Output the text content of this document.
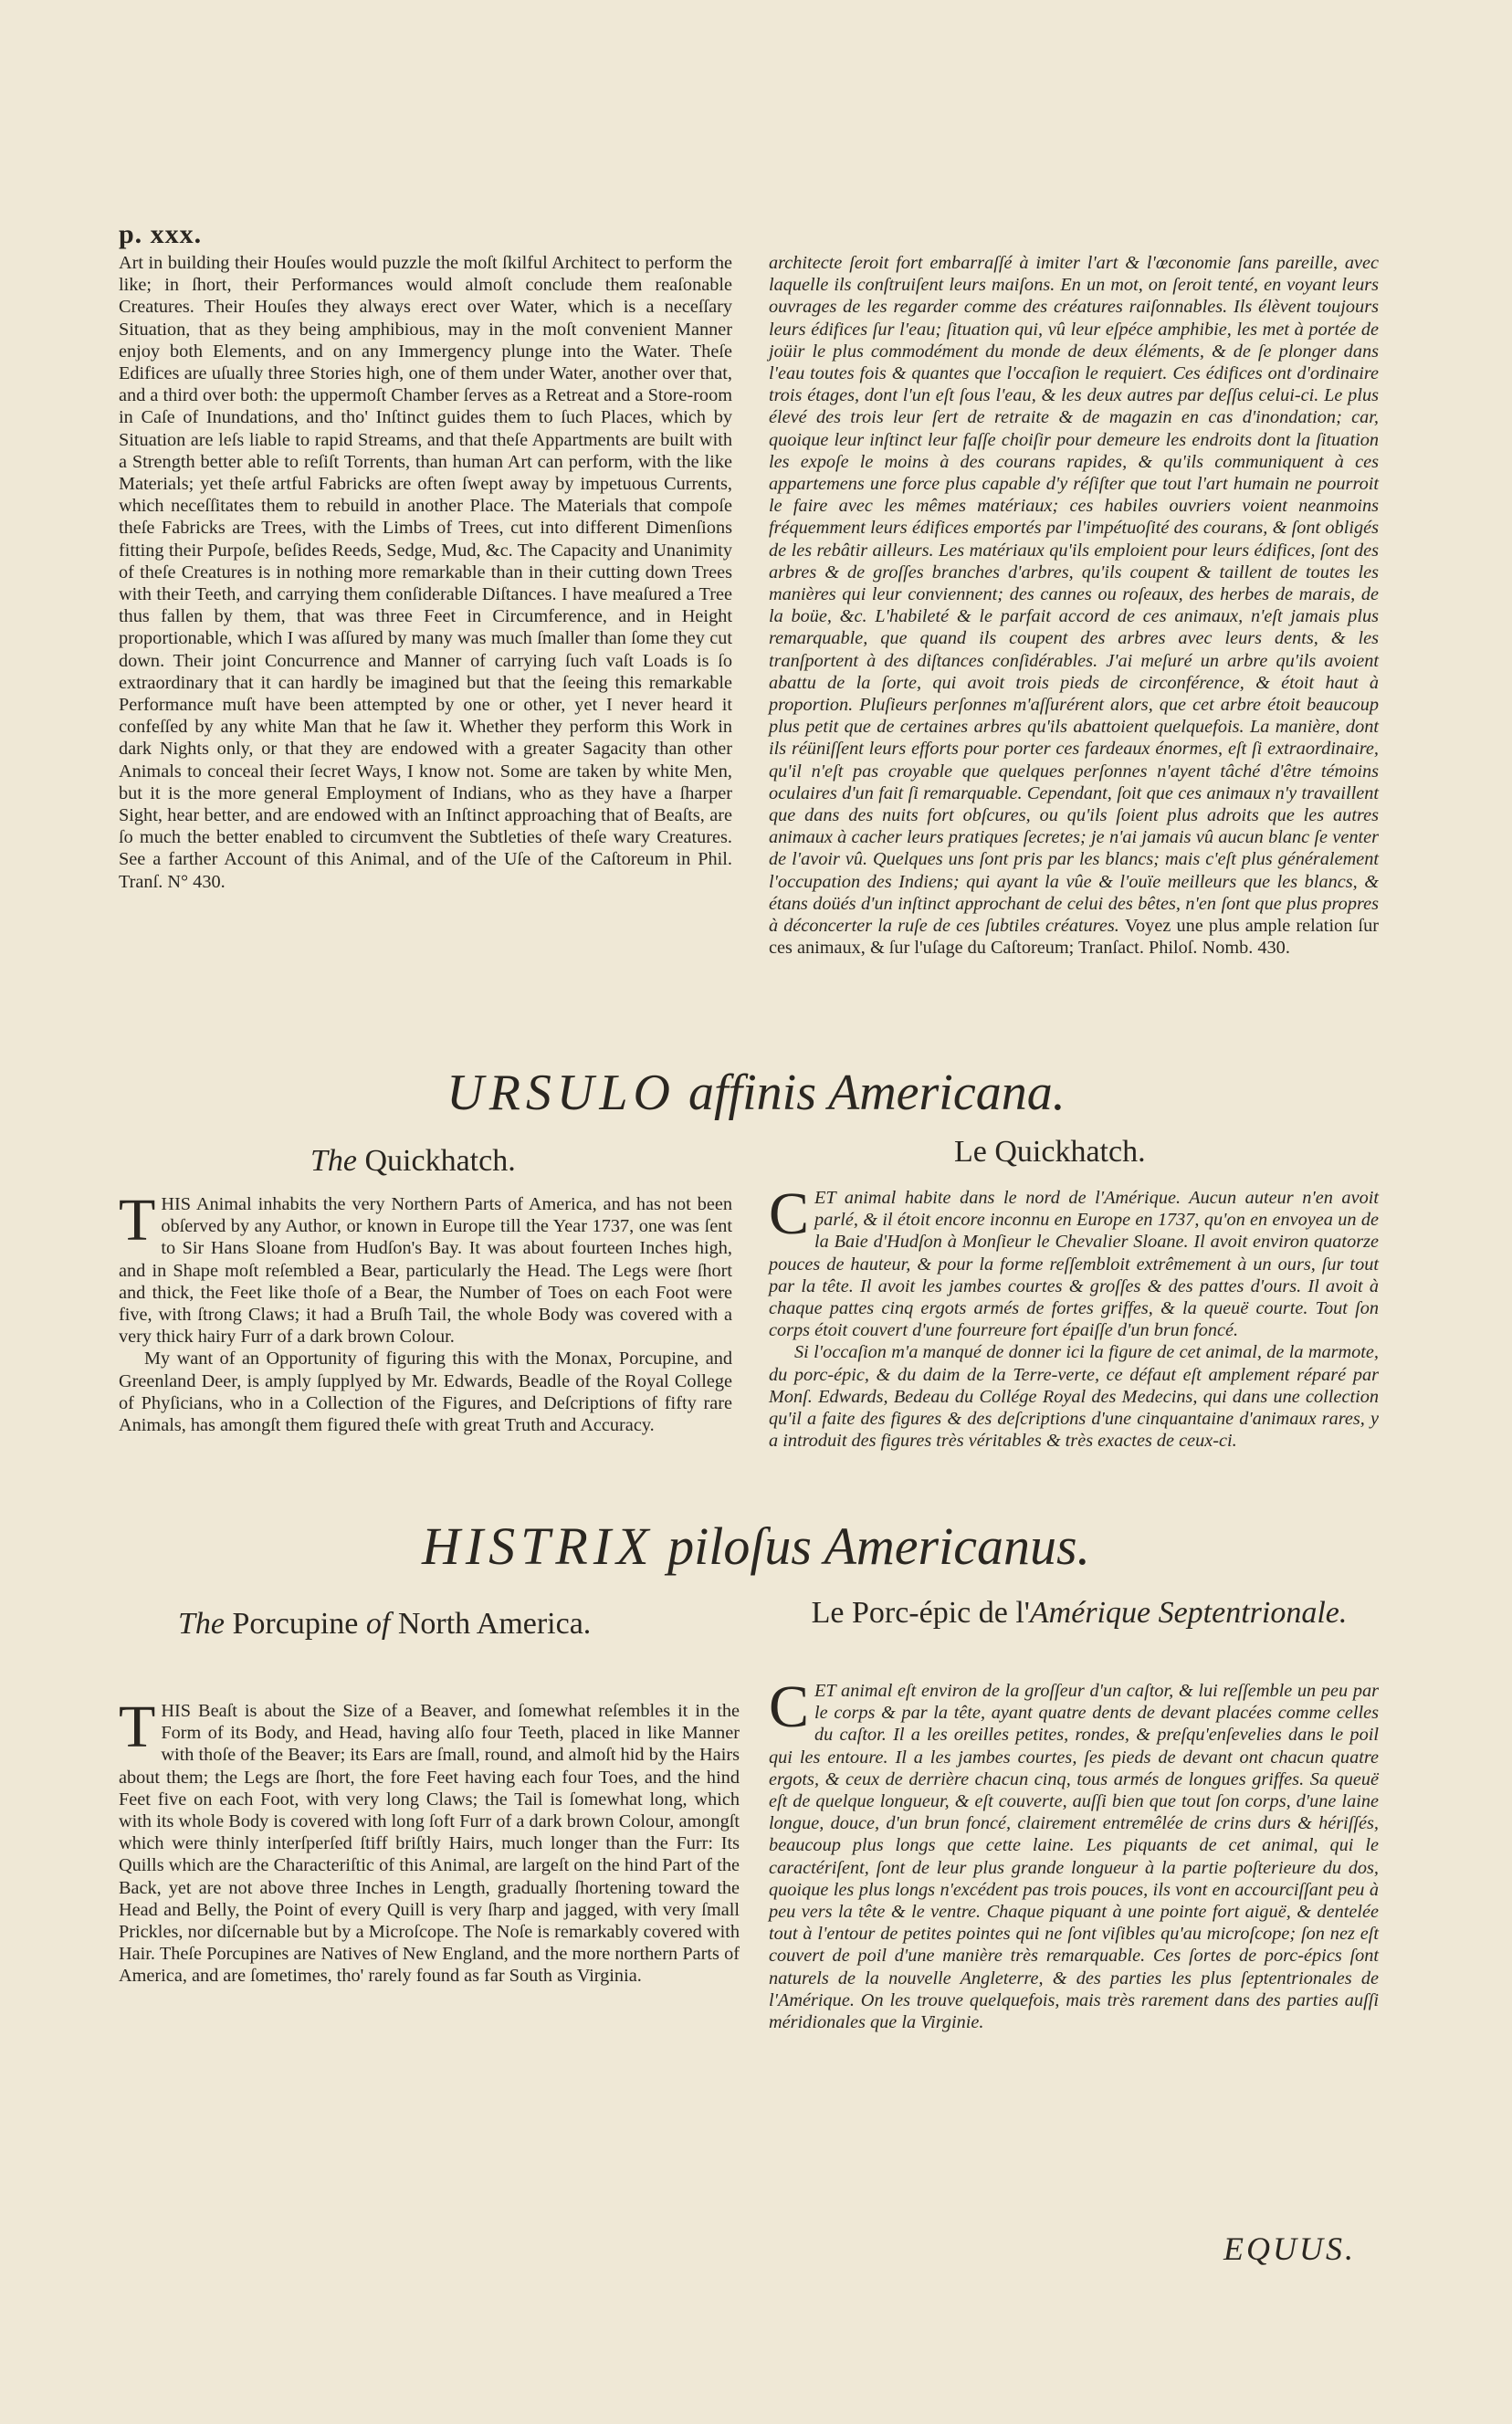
p. xxx.

Art in building their Houſes would puzzle the moſt ſkilful Architect to perform the like; in ſhort, their Performances would almoſt conclude them reaſonable Creatures. Their Houſes they always erect over Water, which is a neceſſary Situation, that as they being amphibious, may in the moſt convenient Manner enjoy both Elements, and on any Immergency plunge into the Water. Theſe Edifices are uſually three Stories high, one of them under Water, another over that, and a third over both: the uppermoſt Chamber ſerves as a Retreat and a Store-room in Caſe of Inundations, and tho' Inſtinct guides them to ſuch Places, which by Situation are leſs liable to rapid Streams, and that theſe Appartments are built with a Strength better able to reſiſt Torrents, than human Art can perform, with the like Materials; yet theſe artful Fabricks are often ſwept away by impetuous Currents, which neceſſitates them to rebuild in another Place. The Materials that compoſe theſe Fabricks are Trees, with the Limbs of Trees, cut into different Dimenſions fitting their Purpoſe, beſides Reeds, Sedge, Mud, &c. The Capacity and Unanimity of theſe Creatures is in nothing more remarkable than in their cutting down Trees with their Teeth, and carrying them conſiderable Diſtances. I have meaſured a Tree thus fallen by them, that was three Feet in Circumference, and in Height proportionable, which I was aſſured by many was much ſmaller than ſome they cut down. Their joint Concurrence and Manner of carrying ſuch vaſt Loads is ſo extraordinary that it can hardly be imagined but that the ſeeing this remarkable Performance muſt have been attempted by one or other, yet I never heard it confeſſed by any white Man that he ſaw it. Whether they perform this Work in dark Nights only, or that they are endowed with a greater Sagacity than other Animals to conceal their ſecret Ways, I know not. Some are taken by white Men, but it is the more general Employment of Indians, who as they have a ſharper Sight, hear better, and are endowed with an Inſtinct approaching that of Beaſts, are ſo much the better enabled to circumvent the Subtleties of theſe wary Creatures. See a farther Account of this Animal, and of the Uſe of the Caſtoreum in Phil. Tranſ. N° 430.

architecte ſeroit fort embarraſſé à imiter l'art & l'œconomie ſans pareille, avec laquelle ils conſtruiſent leurs maiſons. En un mot, on ſeroit tenté, en voyant leurs ouvrages de les regarder comme des créatures raiſonnables. Ils élèvent toujours leurs édifices ſur l'eau; ſituation qui, vû leur eſpéce amphibie, les met à portée de joüir le plus commodément du monde de deux éléments, & de ſe plonger dans l'eau toutes fois & quantes que l'occaſion le requiert. Ces édifices ont d'ordinaire trois étages, dont l'un eſt ſous l'eau, & les deux autres par deſſus celui-ci. Le plus élevé des trois leur ſert de retraite & de magazin en cas d'inondation; car, quoique leur inſtinct leur faſſe choiſir pour demeure les endroits dont la ſituation les expoſe le moins à des courans rapides, & qu'ils communiquent à ces appartemens une force plus capable d'y réſiſter que tout l'art humain ne pourroit le faire avec les mêmes matériaux; ces habiles ouvriers voient neanmoins fréquemment leurs édifices emportés par l'impétuoſité des courans, & ſont obligés de les rebâtir ailleurs. Les matériaux qu'ils emploient pour leurs édifices, ſont des arbres & de groſſes branches d'arbres, qu'ils coupent & taillent de toutes les manières qui leur conviennent; des cannes ou roſeaux, des herbes de marais, de la boüe, &c. L'habileté & le parfait accord de ces animaux, n'eſt jamais plus remarquable, que quand ils coupent des arbres avec leurs dents, & les tranſportent à des diſtances conſidérables. J'ai meſuré un arbre qu'ils avoient abattu de la ſorte, qui avoit trois pieds de circonférence, & étoit haut à proportion. Pluſieurs perſonnes m'aſſurérent alors, que cet arbre étoit beaucoup plus petit que de certaines arbres qu'ils abattoient quelquefois. La manière, dont ils réüniſſent leurs efforts pour porter ces fardeaux énormes, eſt ſi extraordinaire, qu'il n'eſt pas croyable que quelques perſonnes n'ayent tâché d'être témoins oculaires d'un fait ſi remarquable. Cependant, ſoit que ces animaux n'y travaillent que dans des nuits fort obſcures, ou qu'ils ſoient plus adroits que les autres animaux à cacher leurs pratiques ſecretes; je n'ai jamais vû aucun blanc ſe venter de l'avoir vû. Quelques uns ſont pris par les blancs; mais c'eſt plus généralement l'occupation des Indiens; qui ayant la vûe & l'ouïe meilleurs que les blancs, & étans doüés d'un inſtinct approchant de celui des bêtes, n'en ſont que plus propres à déconcerter la ruſe de ces ſubtiles créatures. Voyez une plus ample relation ſur ces animaux, & ſur l'uſage du Caſtoreum; Tranſact. Philoſ. Nomb. 430.

URSULO affinis Americana.
The Quickhatch.	Le Quickhatch.
T HIS Animal inhabits the very Northern Parts of America, and has not been obſerved by any Author, or known in Europe till the Year 1737, one was ſent to Sir Hans Sloane from Hudſon's Bay. It was about fourteen Inches high, and in Shape moſt reſembled a Bear, particularly the Head. The Legs were ſhort and thick, the Feet like thoſe of a Bear, the Number of Toes on each Foot were five, with ſtrong Claws; it had a Bruſh Tail, the whole Body was covered with a very thick hairy Furr of a dark brown Colour.

My want of an Opportunity of figuring this with the Monax, Porcupine, and Greenland Deer, is amply ſupplyed by Mr. Edwards, Beadle of the Royal College of Phyſicians, who in a Collection of the Figures, and Deſcriptions of fifty rare Animals, has amongſt them figured theſe with great Truth and Accuracy.

C ET animal habite dans le nord de l'Amérique. Aucun auteur n'en avoit parlé, & il étoit encore inconnu en Europe en 1737, qu'on en envoyea un de la Baie d'Hudſon à Monſieur le Chevalier Sloane. Il avoit environ quatorze pouces de hauteur, & pour la forme reſſembloit extrêmement à un ours, ſur tout par la tête. Il avoit les jambes courtes & groſſes & des pattes d'ours. Il avoit à chaque pattes cinq ergots armés de fortes griffes, & la queuë courte. Tout ſon corps étoit couvert d'une fourreure fort épaiſſe d'un brun foncé.

Si l'occaſion m'a manqué de donner ici la figure de cet animal, de la marmote, du porc-épic, & du daim de la Terre-verte, ce défaut eſt amplement réparé par Monſ. Edwards, Bedeau du Collége Royal des Medecins, qui dans une collection qu'il a faite des figures & des deſcriptions d'une cinquantaine d'animaux rares, y a introduit des figures très véritables & très exactes de ceux-ci.

HISTRIX piloſus Americanus.
The Porcupine of North America.	Le Porc-épic de l'Amérique Septentrionale.
T HIS Beaſt is about the Size of a Beaver, and ſomewhat reſembles it in the Form of its Body, and Head, having alſo four Teeth, placed in like Manner with thoſe of the Beaver; its Ears are ſmall, round, and almoſt hid by the Hairs about them; the Legs are ſhort, the fore Feet having each four Toes, and the hind Feet five on each Foot, with very long Claws; the Tail is ſomewhat long, which with its whole Body is covered with long ſoft Furr of a dark brown Colour, amongſt which were thinly interſperſed ſtiff briſtly Hairs, much longer than the Furr: Its Quills which are the Characteriſtic of this Animal, are largeſt on the hind Part of the Back, yet are not above three Inches in Length, gradually ſhortening toward the Head and Belly, the Point of every Quill is very ſharp and jagged, with very ſmall Prickles, nor diſcernable but by a Microſcope. The Noſe is remarkably covered with Hair. Theſe Porcupines are Natives of New England, and the more northern Parts of America, and are ſometimes, tho' rarely found as far South as Virginia.

C ET animal eſt environ de la groſſeur d'un caſtor, & lui reſſemble un peu par le corps & par la tête, ayant quatre dents de devant placées comme celles du caſtor. Il a les oreilles petites, rondes, & preſqu'enſevelies dans le poil qui les entoure. Il a les jambes courtes, ſes pieds de devant ont chacun quatre ergots, & ceux de derrière chacun cinq, tous armés de longues griffes. Sa queuë eſt de quelque longueur, & eſt couverte, auſſi bien que tout ſon corps, d'une laine longue, douce, d'un brun foncé, clairement entremêlée de crins durs & hériſſés, beaucoup plus longs que cette laine. Les piquants de cet animal, qui le caractériſent, ſont de leur plus grande longueur à la partie poſterieure du dos, quoique les plus longs n'excédent pas trois pouces, ils vont en accourciſſant peu à peu vers la tête & le ventre. Chaque piquant à une pointe fort aiguë, & dentelée tout à l'entour de petites pointes qui ne ſont viſibles qu'au microſcope; ſon nez eſt couvert de poil d'une manière très remarquable. Ces ſortes de porc-épics ſont naturels de la nouvelle Angleterre, & des parties les plus ſeptentrionales de l'Amérique. On les trouve quelquefois, mais très rarement dans des parties auſſi méridionales que la Virginie.

EQUUS.
